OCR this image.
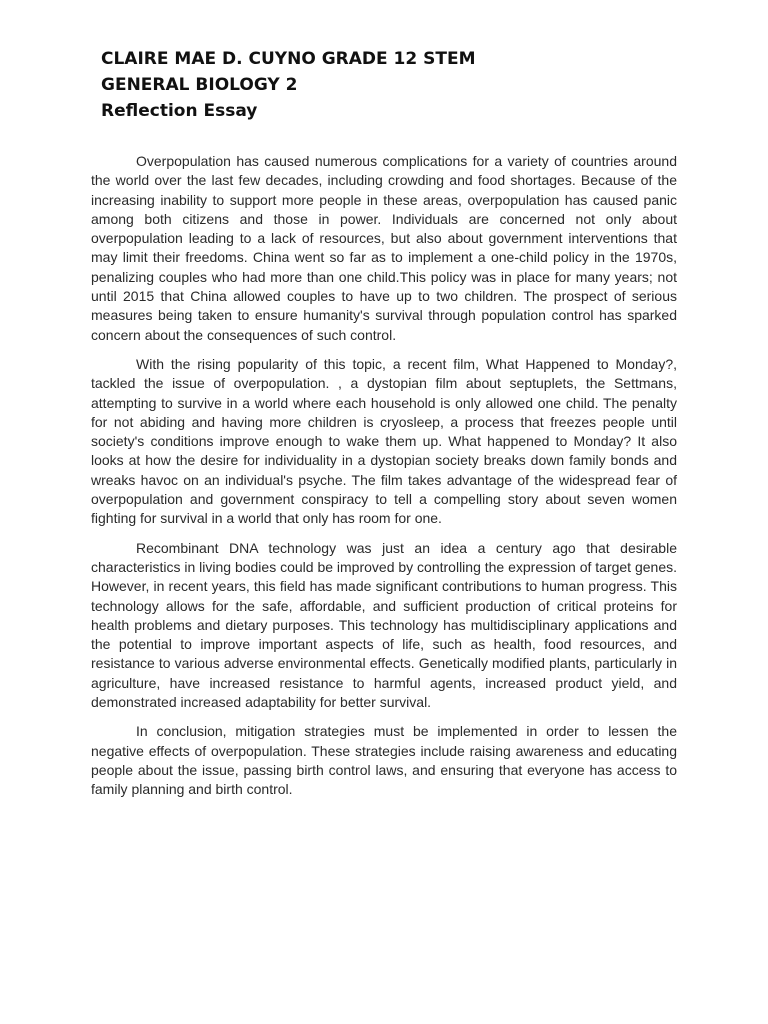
CLAIRE MAE D. CUYNO GRADE 12 STEM
GENERAL BIOLOGY 2
Reflection Essay

Overpopulation has caused numerous complications for a variety of countries around the world over the last few decades, including crowding and food shortages. Because of the increasing inability to support more people in these areas, overpopulation has caused panic among both citizens and those in power. Individuals are concerned not only about overpopulation leading to a lack of resources, but also about government interventions that may limit their freedoms. China went so far as to implement a one-child policy in the 1970s, penalizing couples who had more than one child.This policy was in place for many years; not until 2015 that China allowed couples to have up to two children. The prospect of serious measures being taken to ensure humanity's survival through population control has sparked concern about the consequences of such control.

With the rising popularity of this topic, a recent film, What Happened to Monday?, tackled the issue of overpopulation. , a dystopian film about septuplets, the Settmans, attempting to survive in a world where each household is only allowed one child. The penalty for not abiding and having more children is cryosleep, a process that freezes people until society's conditions improve enough to wake them up. What happened to Monday? It also looks at how the desire for individuality in a dystopian society breaks down family bonds and wreaks havoc on an individual's psyche. The film takes advantage of the widespread fear of overpopulation and government conspiracy to tell a compelling story about seven women fighting for survival in a world that only has room for one.

Recombinant DNA technology was just an idea a century ago that desirable characteristics in living bodies could be improved by controlling the expression of target genes. However, in recent years, this field has made significant contributions to human progress. This technology allows for the safe, affordable, and sufficient production of critical proteins for health problems and dietary purposes. This technology has multidisciplinary applications and the potential to improve important aspects of life, such as health, food resources, and resistance to various adverse environmental effects. Genetically modified plants, particularly in agriculture, have increased resistance to harmful agents, increased product yield, and demonstrated increased adaptability for better survival.

In conclusion, mitigation strategies must be implemented in order to lessen the negative effects of overpopulation. These strategies include raising awareness and educating people about the issue, passing birth control laws, and ensuring that everyone has access to family planning and birth control.
